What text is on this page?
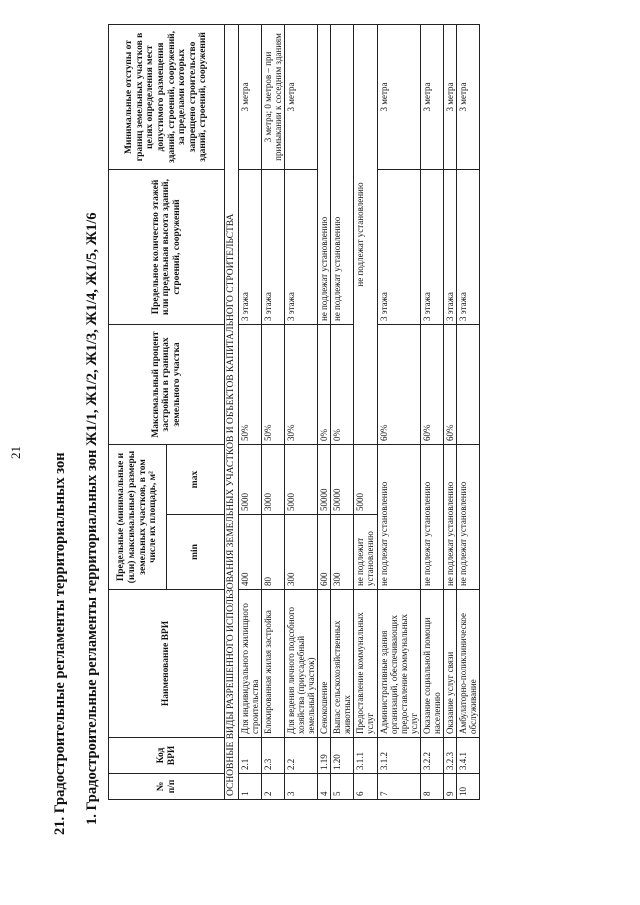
21 21. Градостроительные регламенты территориальных зон 1. Градостроительные регламенты территориальных зон Ж1/1, Ж1/2, Ж1/3, Ж1/4, Ж1/5, Ж1/6	№ п/п	Код ВРИ	Наименование ВРИ	Предельные (минимальные и (или) максимальные) размеры земельных участков, в том числе их площадь, м²		Максимальный процент застройки в границах земельного участка	Предельное количество этажей или предельная высота зданий, строений, сооружений	Минимальные отступы от границ земельных участков в целях определения мест допустимого размещения зданий, строений, сооружений, за пределами которых запрещено строительство зданий, строений, сооружений
			min	max			
ОСНОВНЫЕ ВИДЫ РАЗРЕШЕННОГО ИСПОЛЬЗОВАНИЯ ЗЕМЕЛЬНЫХ УЧАСТКОВ И ОБЪЕКТОВ КАПИТАЛЬНОГО СТРОИТЕЛЬСТВА							
1	2.1	Для индивидуального жилищного строительства	400	5000	50%	3 этажа	3 метра
2	2.3	Блокированная жилая застройка	80	3000	50%	3 этажа	3 метра; 0 метров – при примыкании к соседним зданиям
3	2.2	Для ведения личного подсобного хозяйства (приусадебный земельный участок)	300	5000	30%	3 этажа	3 метра
4	1.19	Сенокошение	600	50000	0%	не подлежат установлению	
5	1.20	Выпас сельскохозяйственных животных	300	50000	0%	не подлежат установлению	
6	3.1.1	Предоставление коммунальных услуг	не подлежит установлению	5000	не подлежат установлению		
7	3.1.2	Административные здания организаций, обеспечивающих предоставление коммунальных услуг	не подлежат установлению		60%	3 этажа	3 метра
8	3.2.2	Оказание социальной помощи населению	не подлежат установлению		60%	3 этажа	3 метра
9	3.2.3	Оказание услуг связи	не подлежат установлению		60%	3 этажа	3 метра
10	3.4.1	Амбулаторно-поликлиническое обслуживание	не подлежат установлению			3 этажа	3 метра
